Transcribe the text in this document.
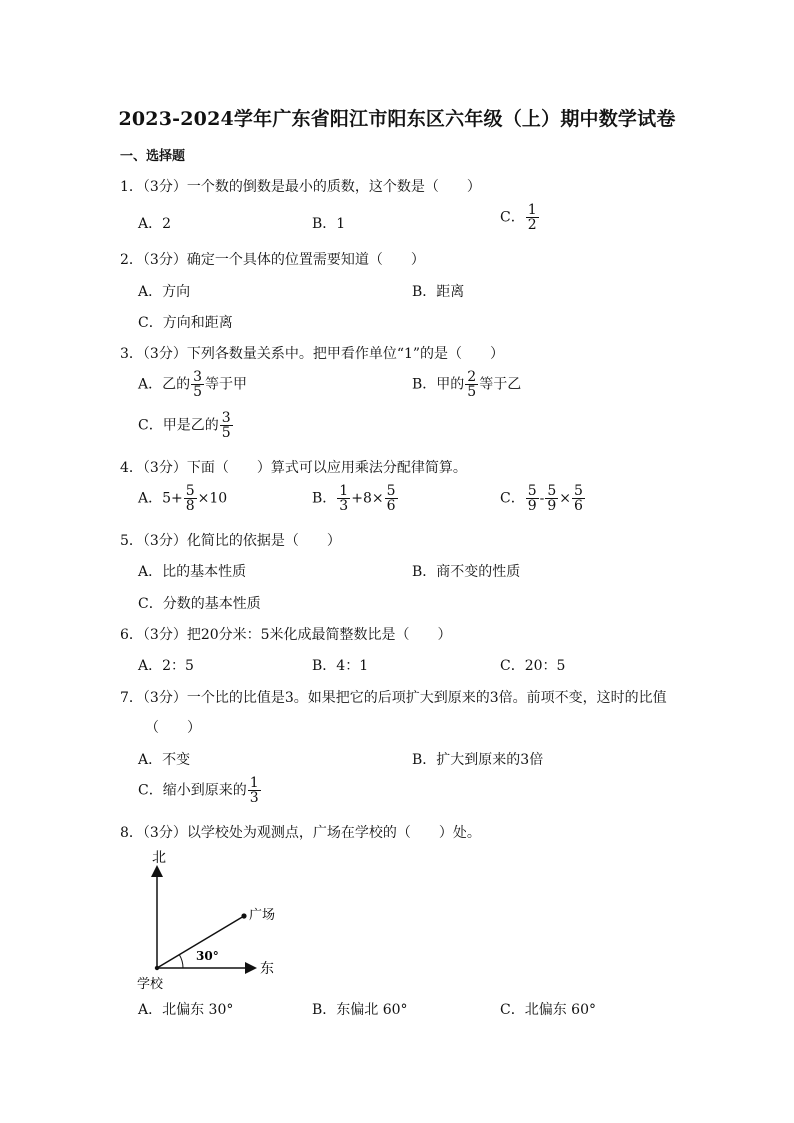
2023-2024学年广东省阳江市阳东区六年级（上）期中数学试卷
一、选择题
1．（3分）一个数的倒数是最小的质数，这个数是（　　）
A．2	B．1	C． $\frac{1}{2}$
2．（3分）确定一个具体的位置需要知道（　　）
A．方向	B．距离
C．方向和距离
3．（3分）下列各数量关系中。把甲看作单位“1”的是（　　）
A．乙的 $\frac{3}{5}$ 等于甲	B．甲的 $\frac{2}{5}$ 等于乙
C．甲是乙的 $\frac{3}{5}$
4．（3分）下面（　　）算式可以应用乘法分配律简算。
A．$5+ \frac{5}{8} \times 10$	B． $\frac{1}{3} +8\times \frac{5}{6}$	C． $\frac{5}{9} - \frac{5}{9} \times \frac{5}{6}$
5．（3分）化简比的依据是（　　）
A．比的基本性质	B．商不变的性质
C．分数的基本性质
6．（3分）把20分米：5米化成最简整数比是（　　）
A．2：5	B．4：1	C．20：5
7．（3分）一个比的比值是3。如果把它的后项扩大到原来的3倍。前项不变，这时的比值
（　　）
A．不变	B．扩大到原来的3倍
C．缩小到原来的 $\frac{1}{3}$
8．（3分）以学校处为观测点，广场在学校的（　　）处。
北
东
广场
学校
30°
A．北偏东 30°	B．东偏北 60°	C．北偏东 60°
